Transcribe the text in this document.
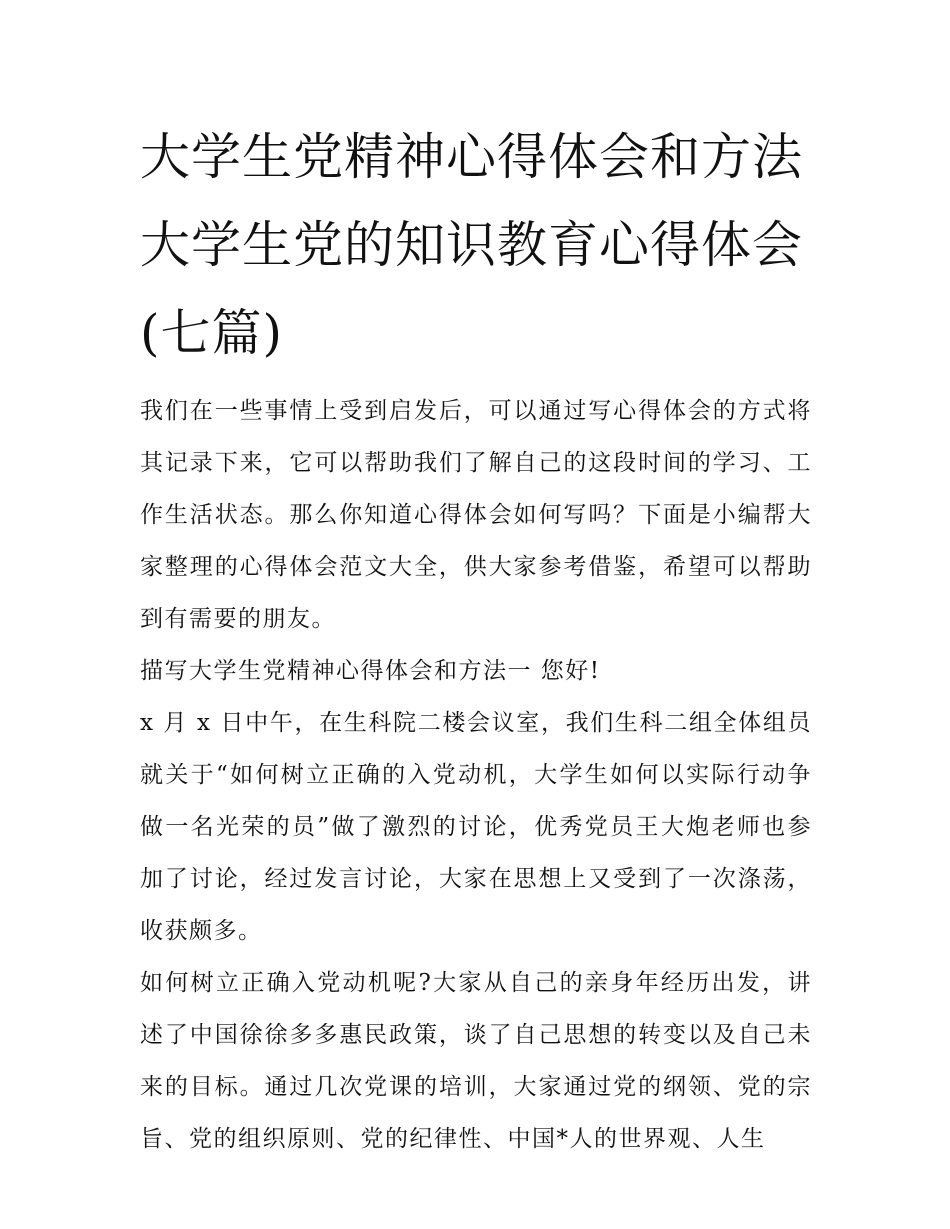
大学生党精神心得体会和方法
大学生党的知识教育心得体会
(七篇)

我们在一些事情上受到启发后，可以通过写心得体会的方式将其记录下来，它可以帮助我们了解自己的这段时间的学习、工作生活状态。那么你知道心得体会如何写吗？下面是小编帮大家整理的心得体会范文大全，供大家参考借鉴，希望可以帮助到有需要的朋友。

描写大学生党精神心得体会和方法一 您好!

x 月 x 日中午，在生科院二楼会议室，我们生科二组全体组员就关于“如何树立正确的入党动机，大学生如何以实际行动争做一名光荣的员”做了激烈的讨论，优秀党员王大炮老师也参加了讨论，经过发言讨论，大家在思想上又受到了一次涤荡，收获颇多。

如何树立正确入党动机呢?大家从自己的亲身年经历出发，讲述了中国徐徐多多惠民政策，谈了自己思想的转变以及自己未来的目标。通过几次党课的培训，大家通过党的纲领、党的宗旨、党的组织原则、党的纪律性、中国*人的世界观、人生
